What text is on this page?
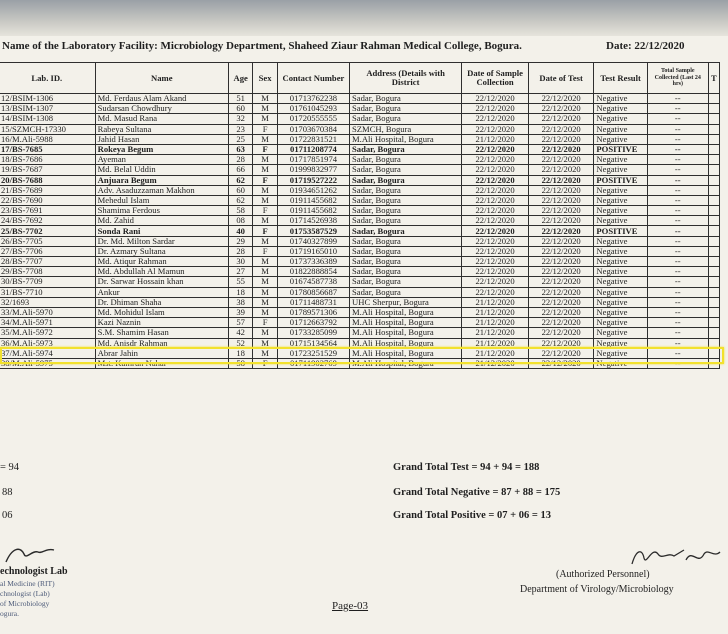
Name of the Laboratory Facility: Microbiology Department, Shaheed Ziaur Rahman Medical College, Bogura.	Date: 22/12/2020
Lab. ID.	Name	Age	Sex	Contact Number	Address (Details with District	Date of Sample Collection	Date of Test	Test Result	Total Sample Collected (Last 24 hrs)	T
12/BSIM-1306	Md. Ferdaus Alam Akand	51	M	01713762238	Sadar, Bogura	22/12/2020	22/12/2020	Negative	--	
13/BSIM-1307	Sudarsan Chowdhury	60	M	01761045293	Sadar, Bogura	22/12/2020	22/12/2020	Negative	--	
14/BSIM-1308	Md. Masud Rana	32	M	01720555555	Sadar, Bogura	22/12/2020	22/12/2020	Negative	--	
15/SZMCH-17330	Rabeya Sultana	23	F	01703670384	SZMCH, Bogura	22/12/2020	22/12/2020	Negative	--	
16/M.Ali-5988	Jahid Hasan	25	M	01722831521	M.Ali Hospital, Bogura	21/12/2020	22/12/2020	Negative	--	
17/BS-7685	Rokeya Begum	63	F	01711208774	Sadar, Bogura	22/12/2020	22/12/2020	POSITIVE	--	
18/BS-7686	Ayeman	28	M	01717851974	Sadar, Bogura	22/12/2020	22/12/2020	Negative	--	
19/BS-7687	Md. Belal Uddin	66	M	01999832977	Sadar, Bogura	22/12/2020	22/12/2020	Negative	--	
20/BS-7688	Anjuara Begum	62	F	01719527222	Sadar, Bogura	22/12/2020	22/12/2020	POSITIVE	--	
21/BS-7689	Adv. Asaduzzaman Makhon	60	M	01934651262	Sadar, Bogura	22/12/2020	22/12/2020	Negative	--	
22/BS-7690	Mehedul Islam	62	M	01911455682	Sadar, Bogura	22/12/2020	22/12/2020	Negative	--	
23/BS-7691	Shamima Ferdous	58	F	01911455682	Sadar, Bogura	22/12/2020	22/12/2020	Negative	--	
24/BS-7692	Md. Zahid	08	M	01714526938	Sadar, Bogura	22/12/2020	22/12/2020	Negative	--	
25/BS-7702	Sonda Rani	40	F	01753587529	Sadar, Bogura	22/12/2020	22/12/2020	POSITIVE	--	
26/BS-7705	Dr. Md. Milton Sardar	29	M	01740327899	Sadar, Bogura	22/12/2020	22/12/2020	Negative	--	
27/BS-7706	Dr. Azmary Sultana	28	F	01719165010	Sadar, Bogura	22/12/2020	22/12/2020	Negative	--	
28/BS-7707	Md. Atiqur Rahman	30	M	01737336389	Sadar, Bogura	22/12/2020	22/12/2020	Negative	--	
29/BS-7708	Md. Abdullah Al Mamun	27	M	01822888854	Sadar, Bogura	22/12/2020	22/12/2020	Negative	--	
30/BS-7709	Dr. Sarwar Hossain khan	55	M	01674587738	Sadar, Bogura	22/12/2020	22/12/2020	Negative	--	
31/BS-7710	Ankur	18	M	01780856687	Sadar, Bogura	22/12/2020	22/12/2020	Negative	--	
32/1693	Dr. Dhiman Shaha	38	M	01711488731	UHC Sherpur, Bogura	21/12/2020	22/12/2020	Negative	--	
33/M.Ali-5970	Md. Mohidul Islam	39	M	01789571306	M.Ali Hospital, Bogura	21/12/2020	22/12/2020	Negative	--	
34/M.Ali-5971	Kazi Naznin	57	F	01712663792	M.Ali Hospital, Bogura	21/12/2020	22/12/2020	Negative	--	
35/M.Ali-5972	S.M. Shamim Hasan	42	M	01733285099	M.Ali Hospital, Bogura	21/12/2020	22/12/2020	Negative	--	
36/M.Ali-5973	Md. Anisdr Rahman	52	M	01715134564	M.Ali Hospital, Bogura	21/12/2020	22/12/2020	Negative	--	
37/M.Ali-5974	Abrar Jahin	18	M	01723251529	M.Ali Hospital, Bogura	21/12/2020	22/12/2020	Negative	--	
38/M.Ali-5975	Mst. Kamrun Nahar	58	F	01711902769	M.Ali Hospital, Bogura	21/12/2020	22/12/2020	Negative	--	
= 94
88
06
Grand Total Test = 94 + 94 = 188
Grand Total Negative = 87 + 88 = 175
Grand Total Positive = 07 + 06 = 13
echnologist Lab
al Medicine (RIT)
chnologist (Lab)
of Microbiology
ogura.
(Authorized Personnel)
Department of Virology/Microbiology
Page-03
